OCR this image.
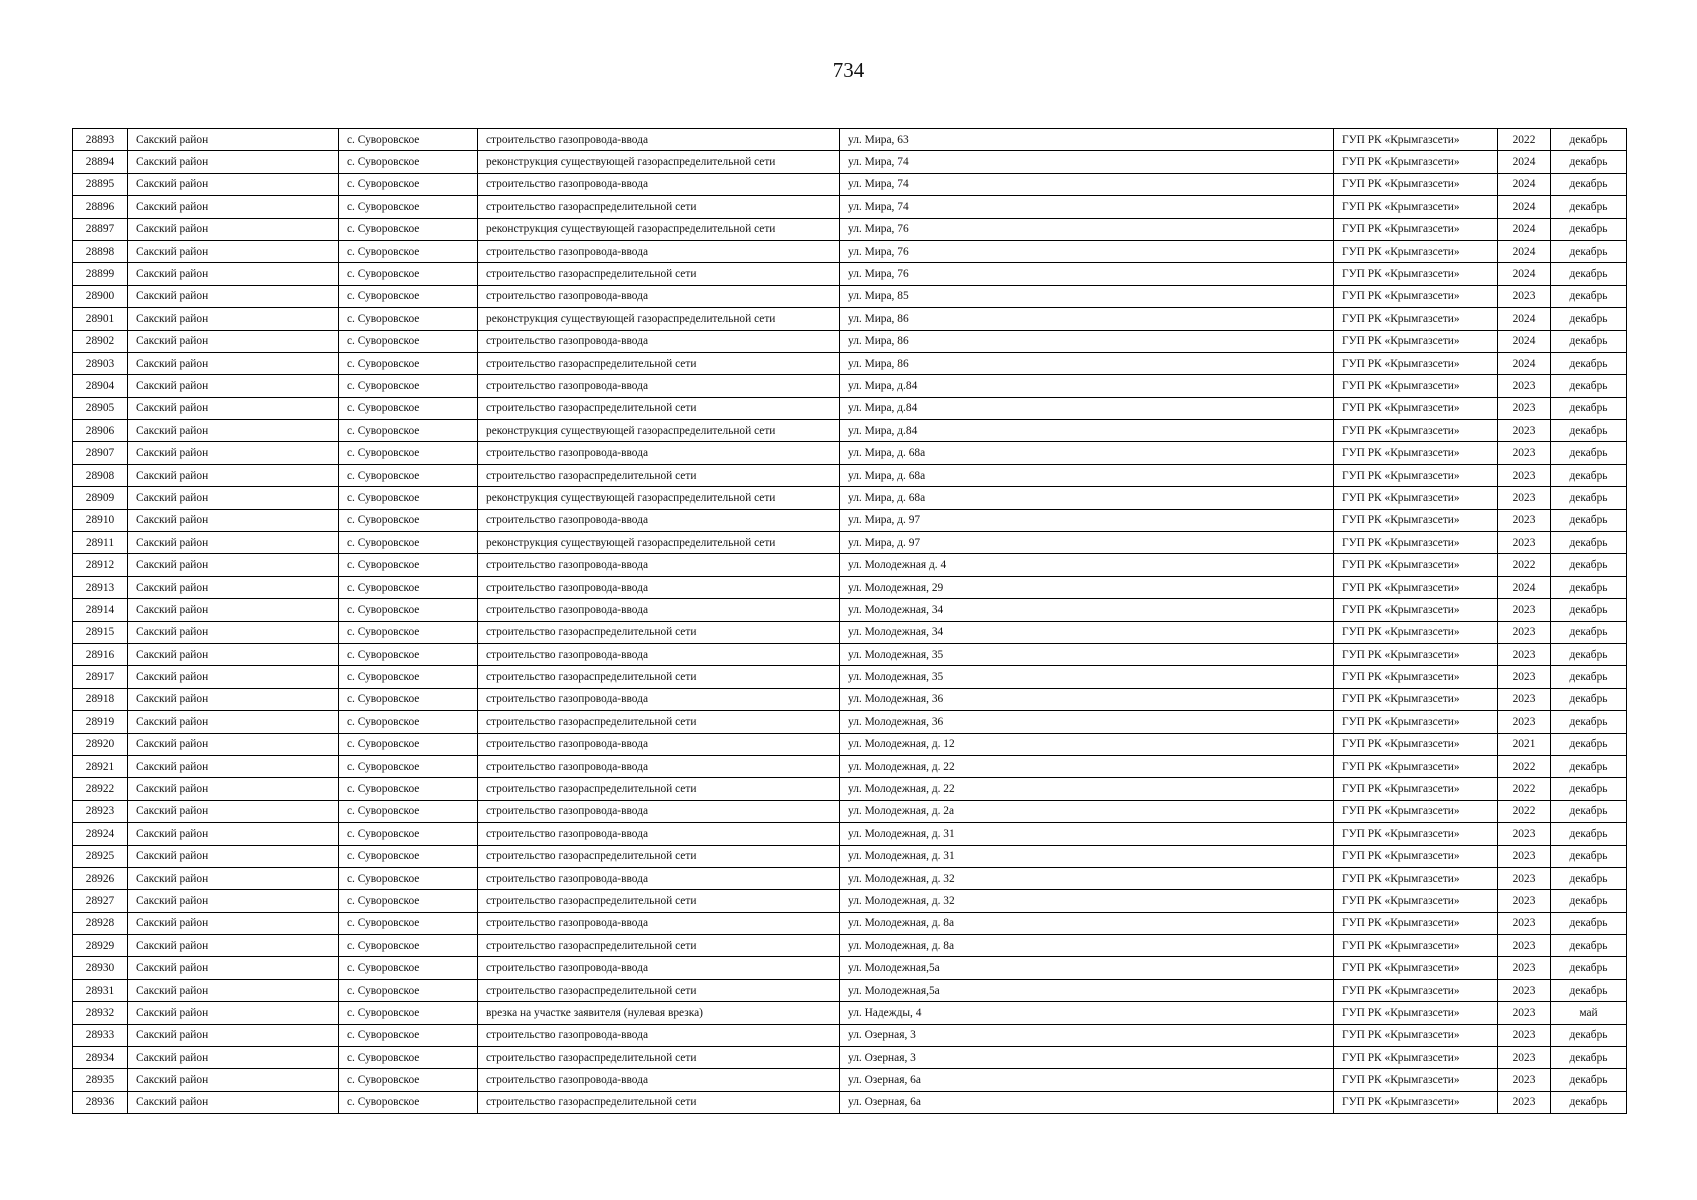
734
28893	Сакский район	с. Суворовское	строительство газопровода-ввода	ул. Мира, 63	ГУП РК «Крымгазсети»	2022	декабрь
28894	Сакский район	с. Суворовское	реконструкция существующей газораспределительной сети	ул. Мира, 74	ГУП РК «Крымгазсети»	2024	декабрь
28895	Сакский район	с. Суворовское	строительство газопровода-ввода	ул. Мира, 74	ГУП РК «Крымгазсети»	2024	декабрь
28896	Сакский район	с. Суворовское	строительство газораспределительной сети	ул. Мира, 74	ГУП РК «Крымгазсети»	2024	декабрь
28897	Сакский район	с. Суворовское	реконструкция существующей газораспределительной сети	ул. Мира, 76	ГУП РК «Крымгазсети»	2024	декабрь
28898	Сакский район	с. Суворовское	строительство газопровода-ввода	ул. Мира, 76	ГУП РК «Крымгазсети»	2024	декабрь
28899	Сакский район	с. Суворовское	строительство газораспределительной сети	ул. Мира, 76	ГУП РК «Крымгазсети»	2024	декабрь
28900	Сакский район	с. Суворовское	строительство газопровода-ввода	ул. Мира, 85	ГУП РК «Крымгазсети»	2023	декабрь
28901	Сакский район	с. Суворовское	реконструкция существующей газораспределительной сети	ул. Мира, 86	ГУП РК «Крымгазсети»	2024	декабрь
28902	Сакский район	с. Суворовское	строительство газопровода-ввода	ул. Мира, 86	ГУП РК «Крымгазсети»	2024	декабрь
28903	Сакский район	с. Суворовское	строительство газораспределительной сети	ул. Мира, 86	ГУП РК «Крымгазсети»	2024	декабрь
28904	Сакский район	с. Суворовское	строительство газопровода-ввода	ул. Мира, д.84	ГУП РК «Крымгазсети»	2023	декабрь
28905	Сакский район	с. Суворовское	строительство газораспределительной сети	ул. Мира, д.84	ГУП РК «Крымгазсети»	2023	декабрь
28906	Сакский район	с. Суворовское	реконструкция существующей газораспределительной сети	ул. Мира, д.84	ГУП РК «Крымгазсети»	2023	декабрь
28907	Сакский район	с. Суворовское	строительство газопровода-ввода	ул. Мира, д. 68а	ГУП РК «Крымгазсети»	2023	декабрь
28908	Сакский район	с. Суворовское	строительство газораспределительной сети	ул. Мира, д. 68а	ГУП РК «Крымгазсети»	2023	декабрь
28909	Сакский район	с. Суворовское	реконструкция существующей газораспределительной сети	ул. Мира, д. 68а	ГУП РК «Крымгазсети»	2023	декабрь
28910	Сакский район	с. Суворовское	строительство газопровода-ввода	ул. Мира, д. 97	ГУП РК «Крымгазсети»	2023	декабрь
28911	Сакский район	с. Суворовское	реконструкция существующей газораспределительной сети	ул. Мира, д. 97	ГУП РК «Крымгазсети»	2023	декабрь
28912	Сакский район	с. Суворовское	строительство газопровода-ввода	ул. Молодежная д. 4	ГУП РК «Крымгазсети»	2022	декабрь
28913	Сакский район	с. Суворовское	строительство газопровода-ввода	ул. Молодежная, 29	ГУП РК «Крымгазсети»	2024	декабрь
28914	Сакский район	с. Суворовское	строительство газопровода-ввода	ул. Молодежная, 34	ГУП РК «Крымгазсети»	2023	декабрь
28915	Сакский район	с. Суворовское	строительство газораспределительной сети	ул. Молодежная, 34	ГУП РК «Крымгазсети»	2023	декабрь
28916	Сакский район	с. Суворовское	строительство газопровода-ввода	ул. Молодежная, 35	ГУП РК «Крымгазсети»	2023	декабрь
28917	Сакский район	с. Суворовское	строительство газораспределительной сети	ул. Молодежная, 35	ГУП РК «Крымгазсети»	2023	декабрь
28918	Сакский район	с. Суворовское	строительство газопровода-ввода	ул. Молодежная, 36	ГУП РК «Крымгазсети»	2023	декабрь
28919	Сакский район	с. Суворовское	строительство газораспределительной сети	ул. Молодежная, 36	ГУП РК «Крымгазсети»	2023	декабрь
28920	Сакский район	с. Суворовское	строительство газопровода-ввода	ул. Молодежная, д. 12	ГУП РК «Крымгазсети»	2021	декабрь
28921	Сакский район	с. Суворовское	строительство газопровода-ввода	ул. Молодежная, д. 22	ГУП РК «Крымгазсети»	2022	декабрь
28922	Сакский район	с. Суворовское	строительство газораспределительной сети	ул. Молодежная, д. 22	ГУП РК «Крымгазсети»	2022	декабрь
28923	Сакский район	с. Суворовское	строительство газопровода-ввода	ул. Молодежная, д. 2а	ГУП РК «Крымгазсети»	2022	декабрь
28924	Сакский район	с. Суворовское	строительство газопровода-ввода	ул. Молодежная, д. 31	ГУП РК «Крымгазсети»	2023	декабрь
28925	Сакский район	с. Суворовское	строительство газораспределительной сети	ул. Молодежная, д. 31	ГУП РК «Крымгазсети»	2023	декабрь
28926	Сакский район	с. Суворовское	строительство газопровода-ввода	ул. Молодежная, д. 32	ГУП РК «Крымгазсети»	2023	декабрь
28927	Сакский район	с. Суворовское	строительство газораспределительной сети	ул. Молодежная, д. 32	ГУП РК «Крымгазсети»	2023	декабрь
28928	Сакский район	с. Суворовское	строительство газопровода-ввода	ул. Молодежная, д. 8а	ГУП РК «Крымгазсети»	2023	декабрь
28929	Сакский район	с. Суворовское	строительство газораспределительной сети	ул. Молодежная, д. 8а	ГУП РК «Крымгазсети»	2023	декабрь
28930	Сакский район	с. Суворовское	строительство газопровода-ввода	ул. Молодежная,5а	ГУП РК «Крымгазсети»	2023	декабрь
28931	Сакский район	с. Суворовское	строительство газораспределительной сети	ул. Молодежная,5а	ГУП РК «Крымгазсети»	2023	декабрь
28932	Сакский район	с. Суворовское	врезка на участке заявителя (нулевая врезка)	ул. Надежды, 4	ГУП РК «Крымгазсети»	2023	май
28933	Сакский район	с. Суворовское	строительство газопровода-ввода	ул. Озерная, 3	ГУП РК «Крымгазсети»	2023	декабрь
28934	Сакский район	с. Суворовское	строительство газораспределительной сети	ул. Озерная, 3	ГУП РК «Крымгазсети»	2023	декабрь
28935	Сакский район	с. Суворовское	строительство газопровода-ввода	ул. Озерная, 6а	ГУП РК «Крымгазсети»	2023	декабрь
28936	Сакский район	с. Суворовское	строительство газораспределительной сети	ул. Озерная, 6а	ГУП РК «Крымгазсети»	2023	декабрь
